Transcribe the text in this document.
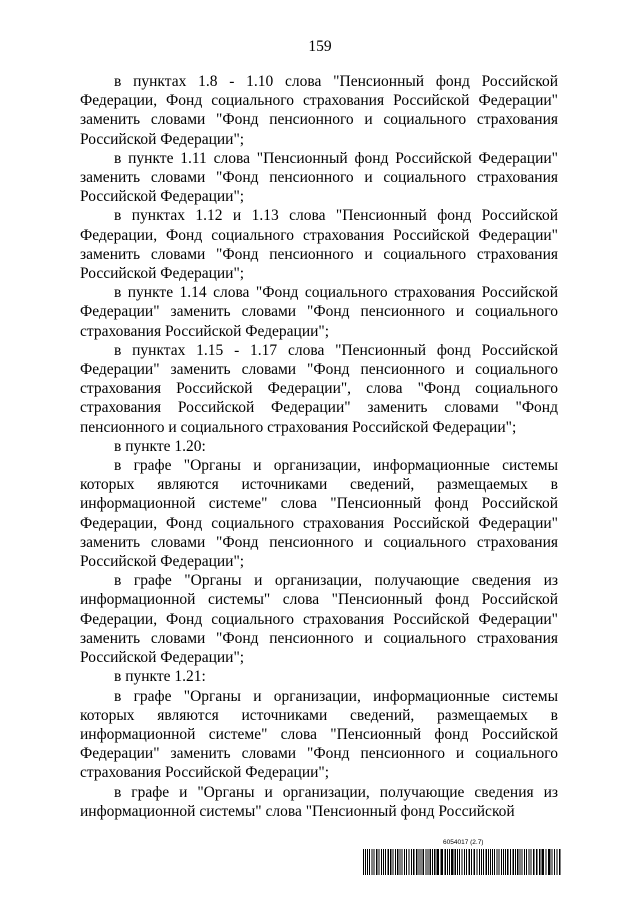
159

в пунктах 1.8 - 1.10 слова "Пенсионный фонд Российской Федерации, Фонд социального страхования Российской Федерации" заменить словами "Фонд пенсионного и социального страхования Российской Федерации";

в пункте 1.11 слова "Пенсионный фонд Российской Федерации" заменить словами "Фонд пенсионного и социального страхования Российской Федерации";

в пунктах 1.12 и 1.13 слова "Пенсионный фонд Российской Федерации, Фонд социального страхования Российской Федерации" заменить словами "Фонд пенсионного и социального страхования Российской Федерации";

в пункте 1.14 слова "Фонд социального страхования Российской Федерации" заменить словами "Фонд пенсионного и социального страхования Российской Федерации";

в пунктах 1.15 - 1.17 слова "Пенсионный фонд Российской Федерации" заменить словами "Фонд пенсионного и социального страхования Российской Федерации", слова "Фонд социального страхования Российской Федерации" заменить словами "Фонд пенсионного и социального страхования Российской Федерации";

в пункте 1.20:

в графе "Органы и организации, информационные системы которых являются источниками сведений, размещаемых в информационной системе" слова "Пенсионный фонд Российской Федерации, Фонд социального страхования Российской Федерации" заменить словами "Фонд пенсионного и социального страхования Российской Федерации";

в графе "Органы и организации, получающие сведения из информационной системы" слова "Пенсионный фонд Российской Федерации, Фонд социального страхования Российской Федерации" заменить словами "Фонд пенсионного и социального страхования Российской Федерации";

в пункте 1.21:

в графе "Органы и организации, информационные системы которых являются источниками сведений, размещаемых в информационной системе" слова "Пенсионный фонд Российской Федерации" заменить словами "Фонд пенсионного и социального страхования Российской Федерации";

в графе и "Органы и организации, получающие сведения из информационной системы" слова "Пенсионный фонд Российской

6054017 (2.7)
